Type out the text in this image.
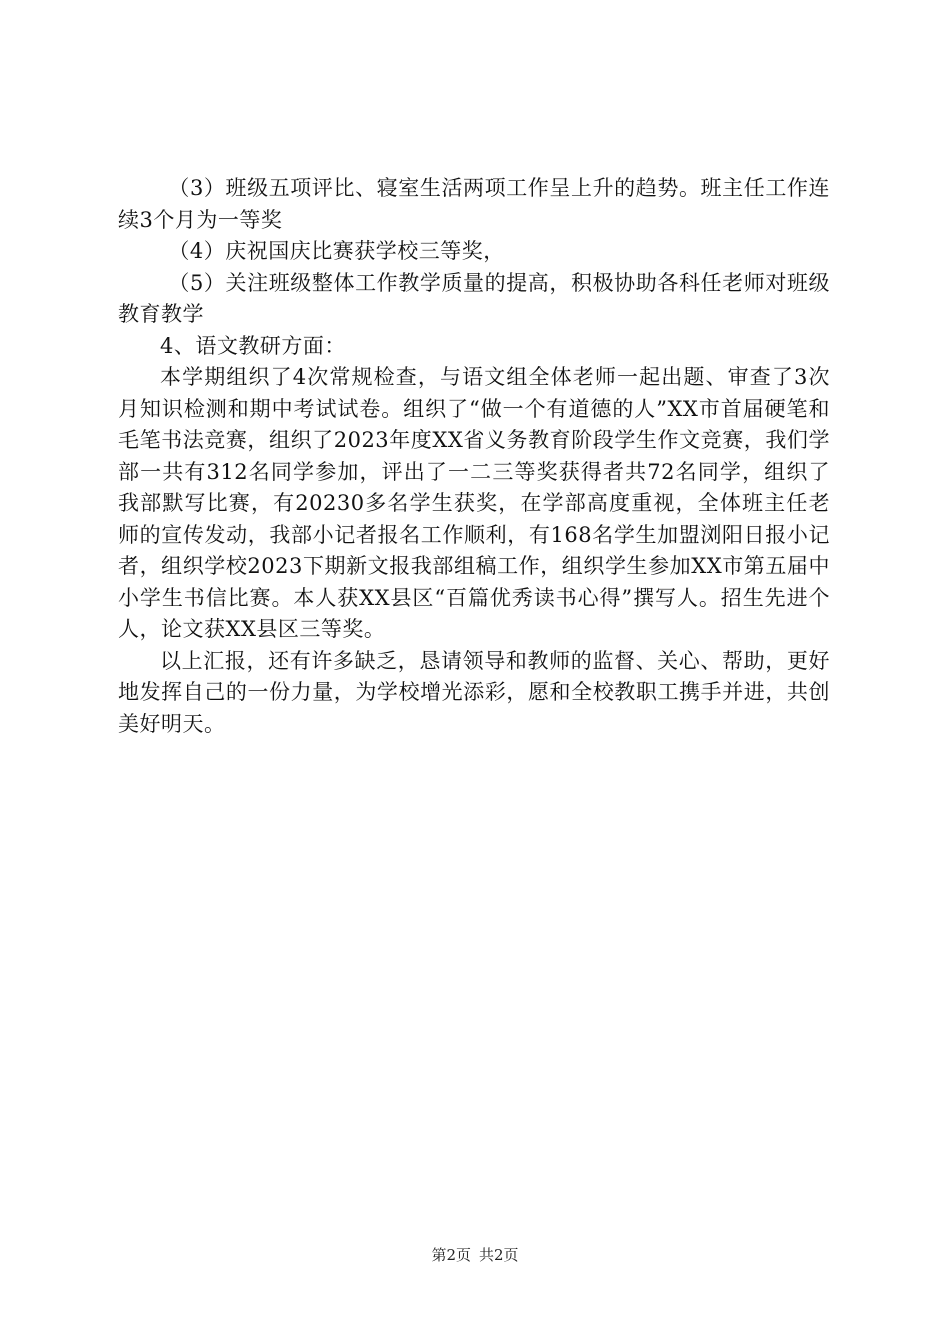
（3）班级五项评比、寝室生活两项工作呈上升的趋势。班主任工作连续3个月为一等奖

（4）庆祝国庆比赛获学校三等奖，

（5）关注班级整体工作教学质量的提高，积极协助各科任老师对班级教育教学

4、语文教研方面：

本学期组织了4次常规检查，与语文组全体老师一起出题、审查了3次月知识检测和期中考试试卷。组织了“做一个有道德的人”XX市首届硬笔和毛笔书法竞赛，组织了2023年度XX省义务教育阶段学生作文竞赛，我们学部一共有312名同学参加，评出了一二三等奖获得者共72名同学，组织了我部默写比赛，有20230多名学生获奖，在学部高度重视，全体班主任老师的宣传发动，我部小记者报名工作顺利，有168名学生加盟浏阳日报小记者，组织学校2023下期新文报我部组稿工作，组织学生参加XX市第五届中小学生书信比赛。本人获XX县区“百篇优秀读书心得”撰写人。招生先进个人，论文获XX县区三等奖。

以上汇报，还有许多缺乏，恳请领导和教师的监督、关心、帮助，更好地发挥自己的一份力量，为学校增光添彩，愿和全校教职工携手并进，共创美好明天。

第2页 共2页
